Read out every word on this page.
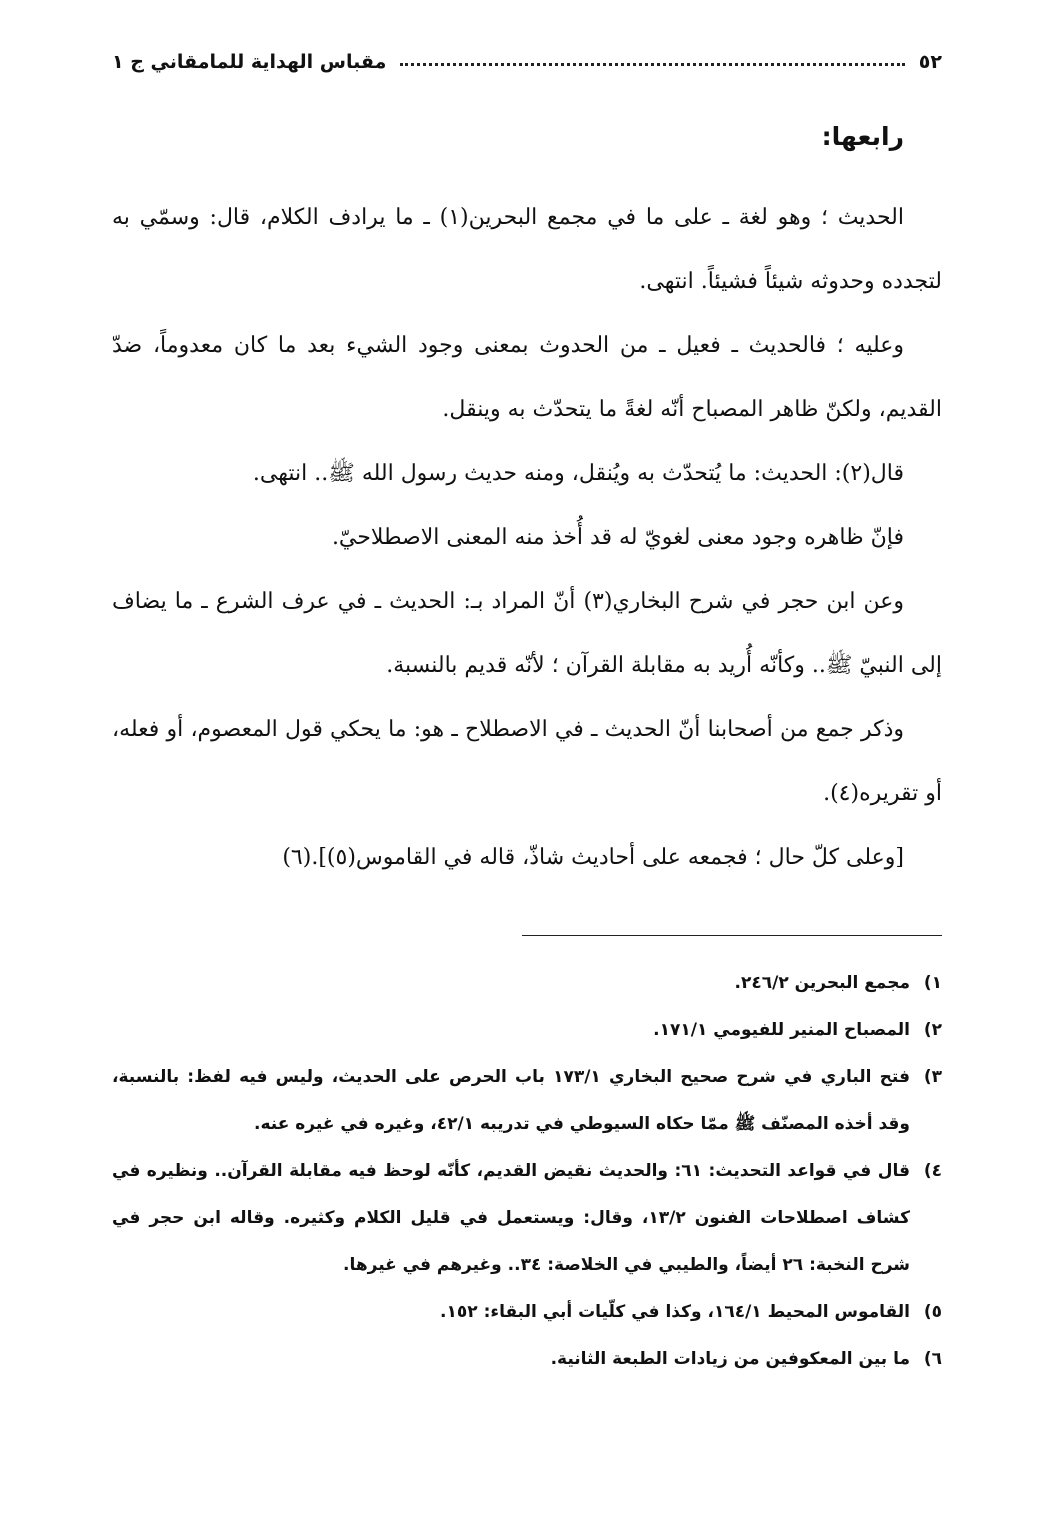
٥٢
مقباس الهداية للمامقاني ج ١
رابعها:

الحديث ؛ وهو لغة ـ على ما في مجمع البحرين(١) ـ ما يرادف الكلام، قال: وسمّي به لتجدده وحدوثه شيئاً فشيئاً. انتهى.

وعليه ؛ فالحديث ـ فعيل ـ من الحدوث بمعنى وجود الشيء بعد ما كان معدوماً، ضدّ القديم، ولكنّ ظاهر المصباح أنّه لغةً ما يتحدّث به وينقل.

قال(٢): الحديث: ما يُتحدّث به ويُنقل، ومنه حديث رسول الله ﷺ.. انتهى.

فإنّ ظاهره وجود معنى لغويّ له قد أُخذ منه المعنى الاصطلاحيّ.

وعن ابن حجر في شرح البخاري(٣) أنّ المراد بـ: الحديث ـ في عرف الشرع ـ ما يضاف إلى النبيّ ﷺ.. وكأنّه أُريد به مقابلة القرآن ؛ لأنّه قديم بالنسبة.

وذكر جمع من أصحابنا أنّ الحديث ـ في الاصطلاح ـ هو: ما يحكي قول المعصوم، أو فعله، أو تقريره(٤).

[وعلى كلّ حال ؛ فجمعه على أحاديث شاذّ، قاله في القاموس(٥)].(٦)

١)
مجمع البحرين ٢٤٦/٢.
٢)
المصباح المنير للفيومي ١٧١/١.
٣)
فتح الباري في شرح صحيح البخاري ١٧٣/١ باب الحرص على الحديث، وليس فيه لفظ: بالنسبة، وقد أخذه المصنّف ﷺ ممّا حكاه السيوطي في تدريبه ٤٢/١، وغيره في غيره عنه.
٤)
قال في قواعد التحديث: ٦١: والحديث نقيض القديم، كأنّه لوحظ فيه مقابلة القرآن.. ونظيره في كشاف اصطلاحات الفنون ١٣/٢، وقال: ويستعمل في قليل الكلام وكثيره. وقاله ابن حجر في شرح النخبة: ٢٦ أيضاً، والطيبي في الخلاصة: ٣٤.. وغيرهم في غيرها.
٥)
القاموس المحيط ١٦٤/١، وكذا في كلّيات أبي البقاء: ١٥٢.
٦)
ما بين المعكوفين من زيادات الطبعة الثانية.
